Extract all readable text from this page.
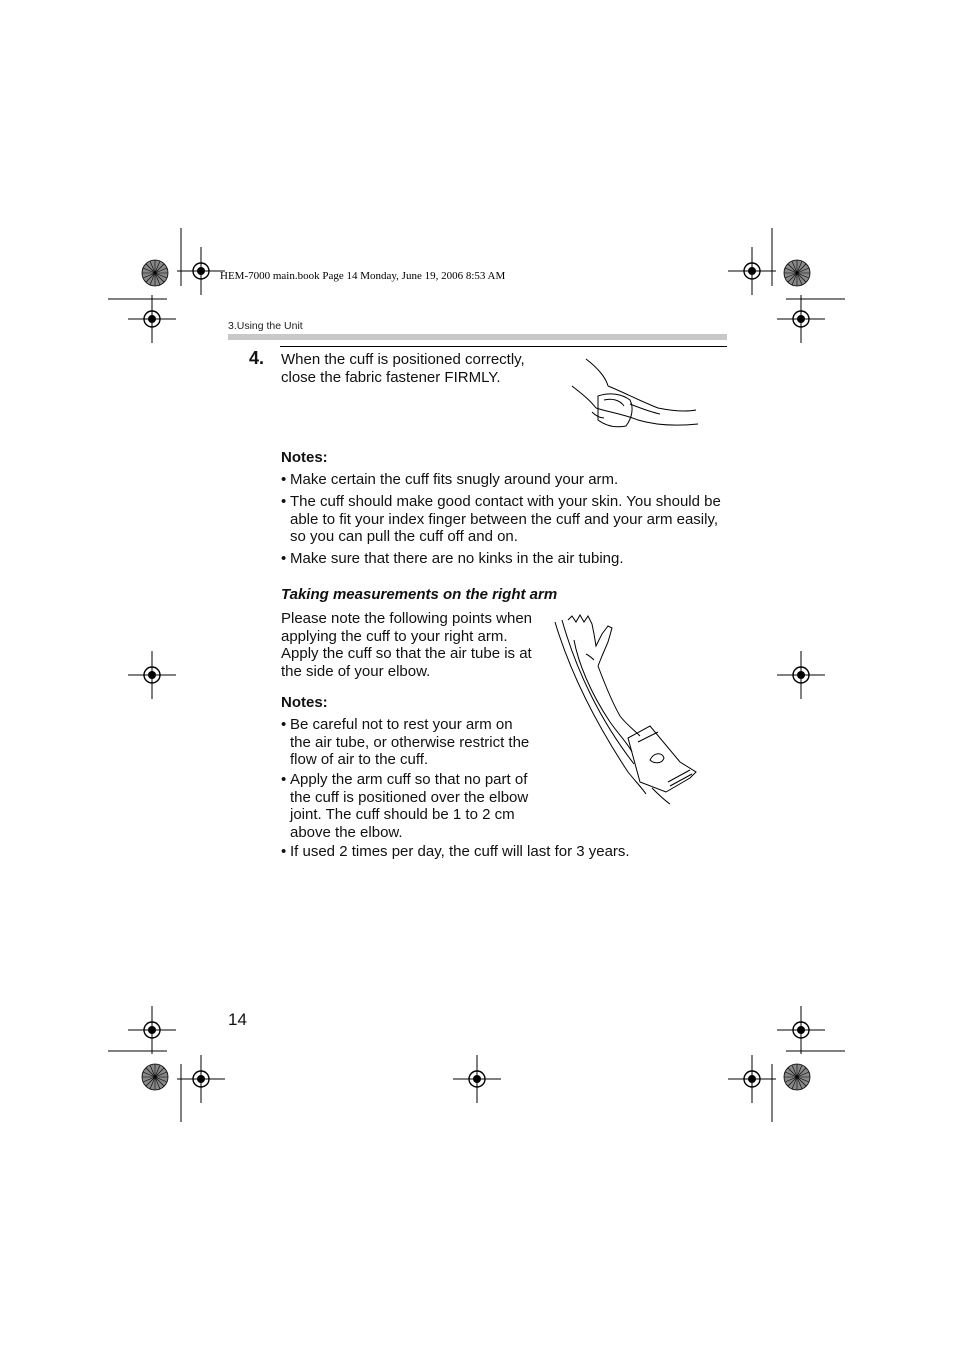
HEM-7000 main.book Page 14 Monday, June 19, 2006 8:53 AM
3.Using the Unit
4. When the cuff is positioned correctly, close the fabric fastener FIRMLY.
Notes:
• Make certain the cuff fits snugly around your arm.
• The cuff should make good contact with your skin. You should be able to fit your index finger between the cuff and your arm easily, so you can pull the cuff off and on.
• Make sure that there are no kinks in the air tubing.
Taking measurements on the right arm
Please note the following points when applying the cuff to your right arm. Apply the cuff so that the air tube is at the side of your elbow.
Notes:
• Be careful not to rest your arm on the air tube, or otherwise restrict the flow of air to the cuff.
• Apply the arm cuff so that no part of the cuff is positioned over the elbow joint. The cuff should be 1 to 2 cm above the elbow.
• If used 2 times per day, the cuff will last for 3 years.
14
